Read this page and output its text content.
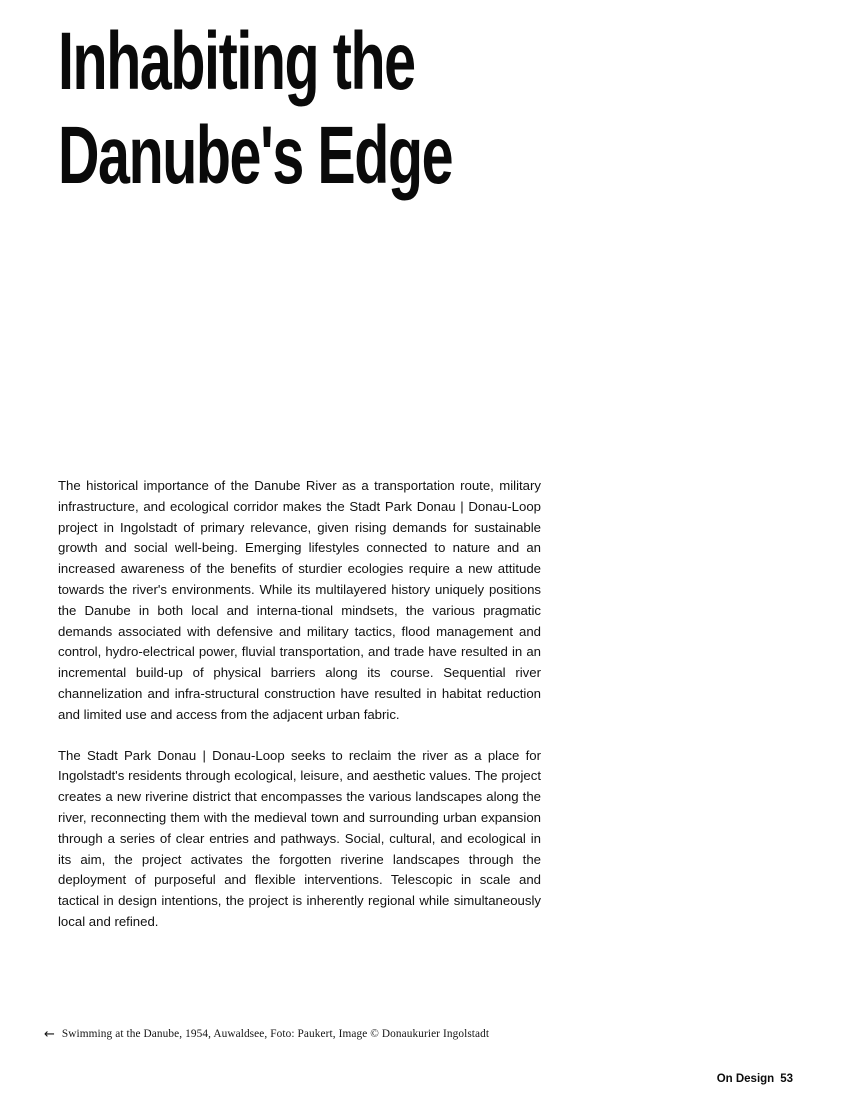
Inhabiting the
Danube's Edge

The historical importance of the Danube River as a transportation route, military infrastructure, and ecological corridor makes the Stadt Park Donau | Donau-Loop project in Ingolstadt of primary relevance, given rising demands for sustainable growth and social well-being. Emerging lifestyles connected to nature and an increased awareness of the benefits of sturdier ecologies require a new attitude towards the river's environments. While its multilayered history uniquely positions the Danube in both local and interna-tional mindsets, the various pragmatic demands associated with defensive and military tactics, flood management and control, hydro-electrical power, fluvial transportation, and trade have resulted in an incremental build-up of physical barriers along its course. Sequential river channelization and infra-structural construction have resulted in habitat reduction and limited use and access from the adjacent urban fabric.

The Stadt Park Donau | Donau-Loop seeks to reclaim the river as a place for Ingolstadt's residents through ecological, leisure, and aesthetic values. The project creates a new riverine district that encompasses the various landscapes along the river, reconnecting them with the medieval town and surrounding urban expansion through a series of clear entries and pathways. Social, cultural, and ecological in its aim, the project activates the forgotten riverine landscapes through the deployment of purposeful and flexible interventions. Telescopic in scale and tactical in design intentions, the project is inherently regional while simultaneously local and refined.

← Swimming at the Danube, 1954, Auwaldsee, Foto: Paukert, Image © Donaukurier Ingolstadt
On Design 53
